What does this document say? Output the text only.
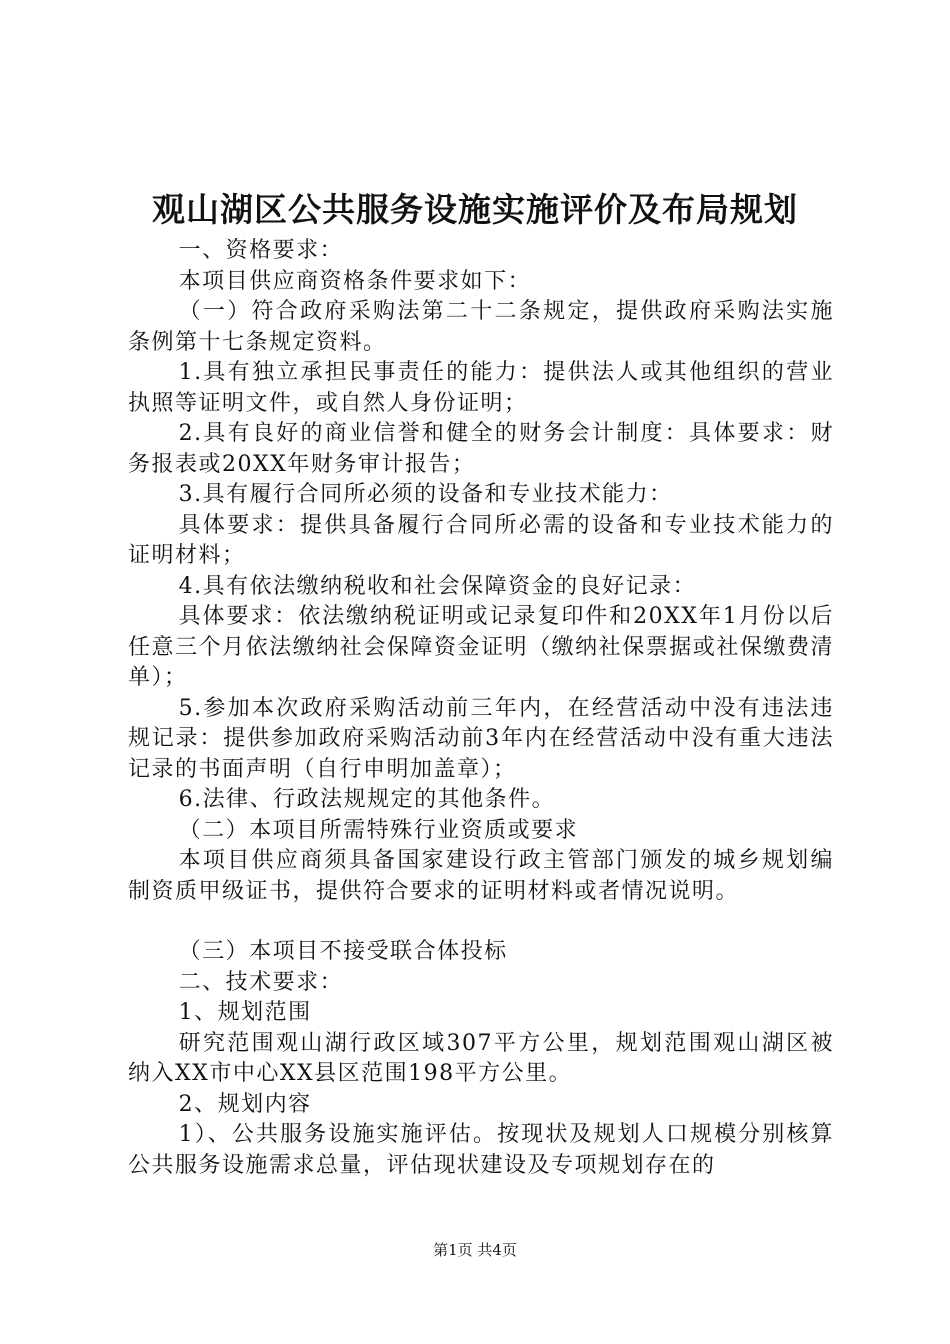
观山湖区公共服务设施实施评价及布局规划

一、资格要求：

本项目供应商资格条件要求如下：

（一）符合政府采购法第二十二条规定，提供政府采购法实施条例第十七条规定资料。

1.具有独立承担民事责任的能力：提供法人或其他组织的营业执照等证明文件，或自然人身份证明；

2.具有良好的商业信誉和健全的财务会计制度：具体要求：财务报表或20XX年财务审计报告；

3.具有履行合同所必须的设备和专业技术能力：

具体要求：提供具备履行合同所必需的设备和专业技术能力的证明材料；

4.具有依法缴纳税收和社会保障资金的良好记录：

具体要求：依法缴纳税证明或记录复印件和20XX年1月份以后任意三个月依法缴纳社会保障资金证明（缴纳社保票据或社保缴费清单）；

5.参加本次政府采购活动前三年内，在经营活动中没有违法违规记录：提供参加政府采购活动前3年内在经营活动中没有重大违法记录的书面声明（自行申明加盖章）；

6.法律、行政法规规定的其他条件。

（二）本项目所需特殊行业资质或要求

本项目供应商须具备国家建设行政主管部门颁发的城乡规划编制资质甲级证书，提供符合要求的证明材料或者情况说明。

（三）本项目不接受联合体投标

二、技术要求：

1、规划范围

研究范围观山湖行政区域307平方公里，规划范围观山湖区被纳入XX市中心XX县区范围198平方公里。

2、规划内容

1）、公共服务设施实施评估。按现状及规划人口规模分别核算公共服务设施需求总量，评估现状建设及专项规划存在的

第1页 共4页
